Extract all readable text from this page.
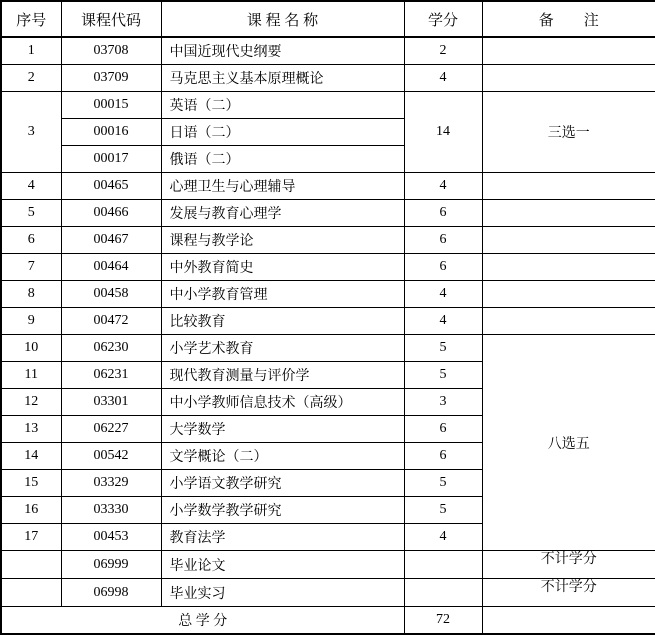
序号	课程代码	课 程 名 称	学分	备　　注
1	03708	中国近现代史纲要	2	
2	03709	马克思主义基本原理概论	4	
3	00015	英语（二）	14	三选一
	00016	日语（二）		
	00017	俄语（二）		
4	00465	心理卫生与心理辅导	4	
5	00466	发展与教育心理学	6	
6	00467	课程与教学论	6	
7	00464	中外教育简史	6	
8	00458	中小学教育管理	4	
9	00472	比较教育	4	
10	06230	小学艺术教育	5	八选五
11	06231	现代教育测量与评价学	5	
12	03301	中小学教师信息技术（高级）	3	
13	06227	大学数学	6	
14	00542	文学概论（二）	6	
15	03329	小学语文教学研究	5	
16	03330	小学数学教学研究	5	
17	00453	教育法学	4	
	06999	毕业论文		不计学分
	06998	毕业实习		不计学分
总 学 分			72	
